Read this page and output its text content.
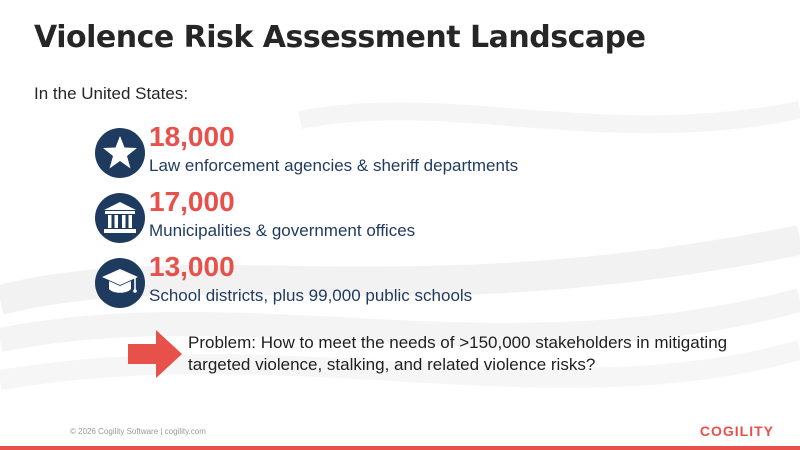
Violence Risk Assessment Landscape
In the United States:
18,000
Law enforcement agencies & sheriff departments
17,000
Municipalities & government offices
13,000
School districts, plus 99,000 public schools
Problem: How to meet the needs of >150,000 stakeholders in mitigating targeted violence, stalking, and related violence risks?
© 2026 Cogility Software | cogility.com	COGILITY
